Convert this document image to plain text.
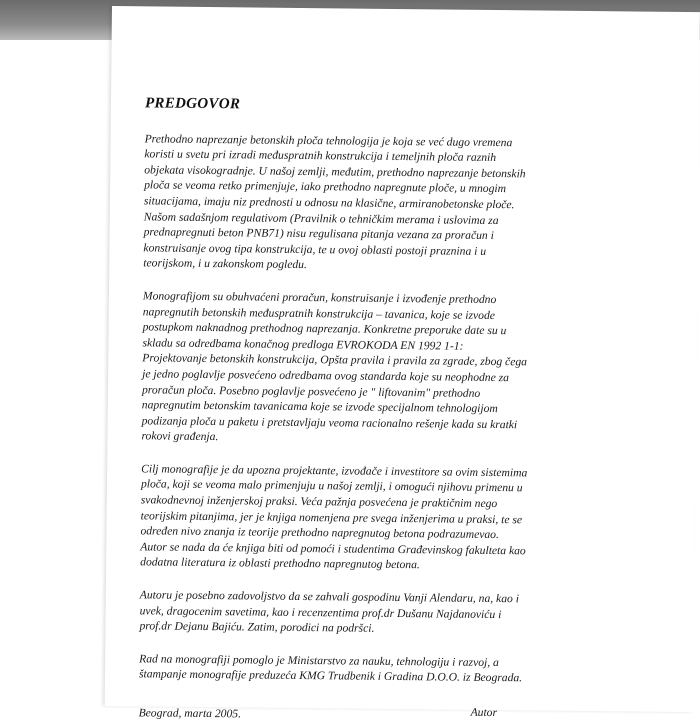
PREDGOVOR
Prethodno naprezanje betonskih ploča tehnologija je koja se već dugo vremena
koristi u svetu pri izradi međuspratnih konstrukcija i temeljnih ploča raznih
objekata visokogradnje. U našoj zemlji, međutim, prethodno naprezanje betonskih
ploča se veoma retko primenjuje, iako prethodno napregnute ploče, u mnogim
situacijama, imaju niz prednosti u odnosu na klasične, armiranobetonske ploče.
Našom sadašnjom regulativom (Pravilnik o tehničkim merama i uslovima za
prednapregnuti beton PNB71) nisu regulisana pitanja vezana za proračun i
konstruisanje ovog tipa konstrukcija, te u ovoj oblasti postoji praznina i u
teorijskom, i u zakonskom pogledu.
Monografijom su obuhvaćeni proračun, konstruisanje i izvođenje prethodno
napregnutih betonskih međuspratnih konstrukcija – tavanica, koje se izvode
postupkom naknadnog prethodnog naprezanja. Konkretne preporuke date su u
skladu sa odredbama konačnog predloga EVROKODA EN 1992 1-1:
Projektovanje betonskih konstrukcija, Opšta pravila i pravila za zgrade, zbog čega
je jedno poglavlje posvećeno odredbama ovog standarda koje su neophodne za
proračun ploča. Posebno poglavlje posvećeno je " liftovanim" prethodno
napregnutim betonskim tavanicama koje se izvode specijalnom tehnologijom
podizanja ploča u paketu i pretstavljaju veoma racionalno rešenje kada su kratki
rokovi građenja.
Cilj monografije je da upozna projektante, izvođače i investitore sa ovim sistemima
ploča, koji se veoma malo primenjuju u našoj zemlji, i omogući njihovu primenu u
svakodnevnoj inženjerskoj praksi. Veća pažnja posvećena je praktičnim nego
teorijskim pitanjima, jer je knjiga nomenjena pre svega inženjerima u praksi, te se
određen nivo znanja iz teorije prethodno napregnutog betona podrazumevao.
Autor se nada da će knjiga biti od pomoći i studentima Građevinskog fakulteta kao
dodatna literatura iz oblasti prethodno napregnutog betona.
Autoru je posebno zadovoljstvo da se zahvali gospodinu Vanji Alendaru, na, kao i
uvek, dragocenim savetima, kao i recenzentima prof.dr Dušanu Najdanoviću i
prof.dr Dejanu Bajiću. Zatim, porodici na podršci.
Rad na monografiji pomoglo je Ministarstvo za nauku, tehnologiju i razvoj, a
štampanje monografije preduzeća KMG Trudbenik i Gradina D.O.O. iz Beograda.
Beograd, marta 2005.	Autor
